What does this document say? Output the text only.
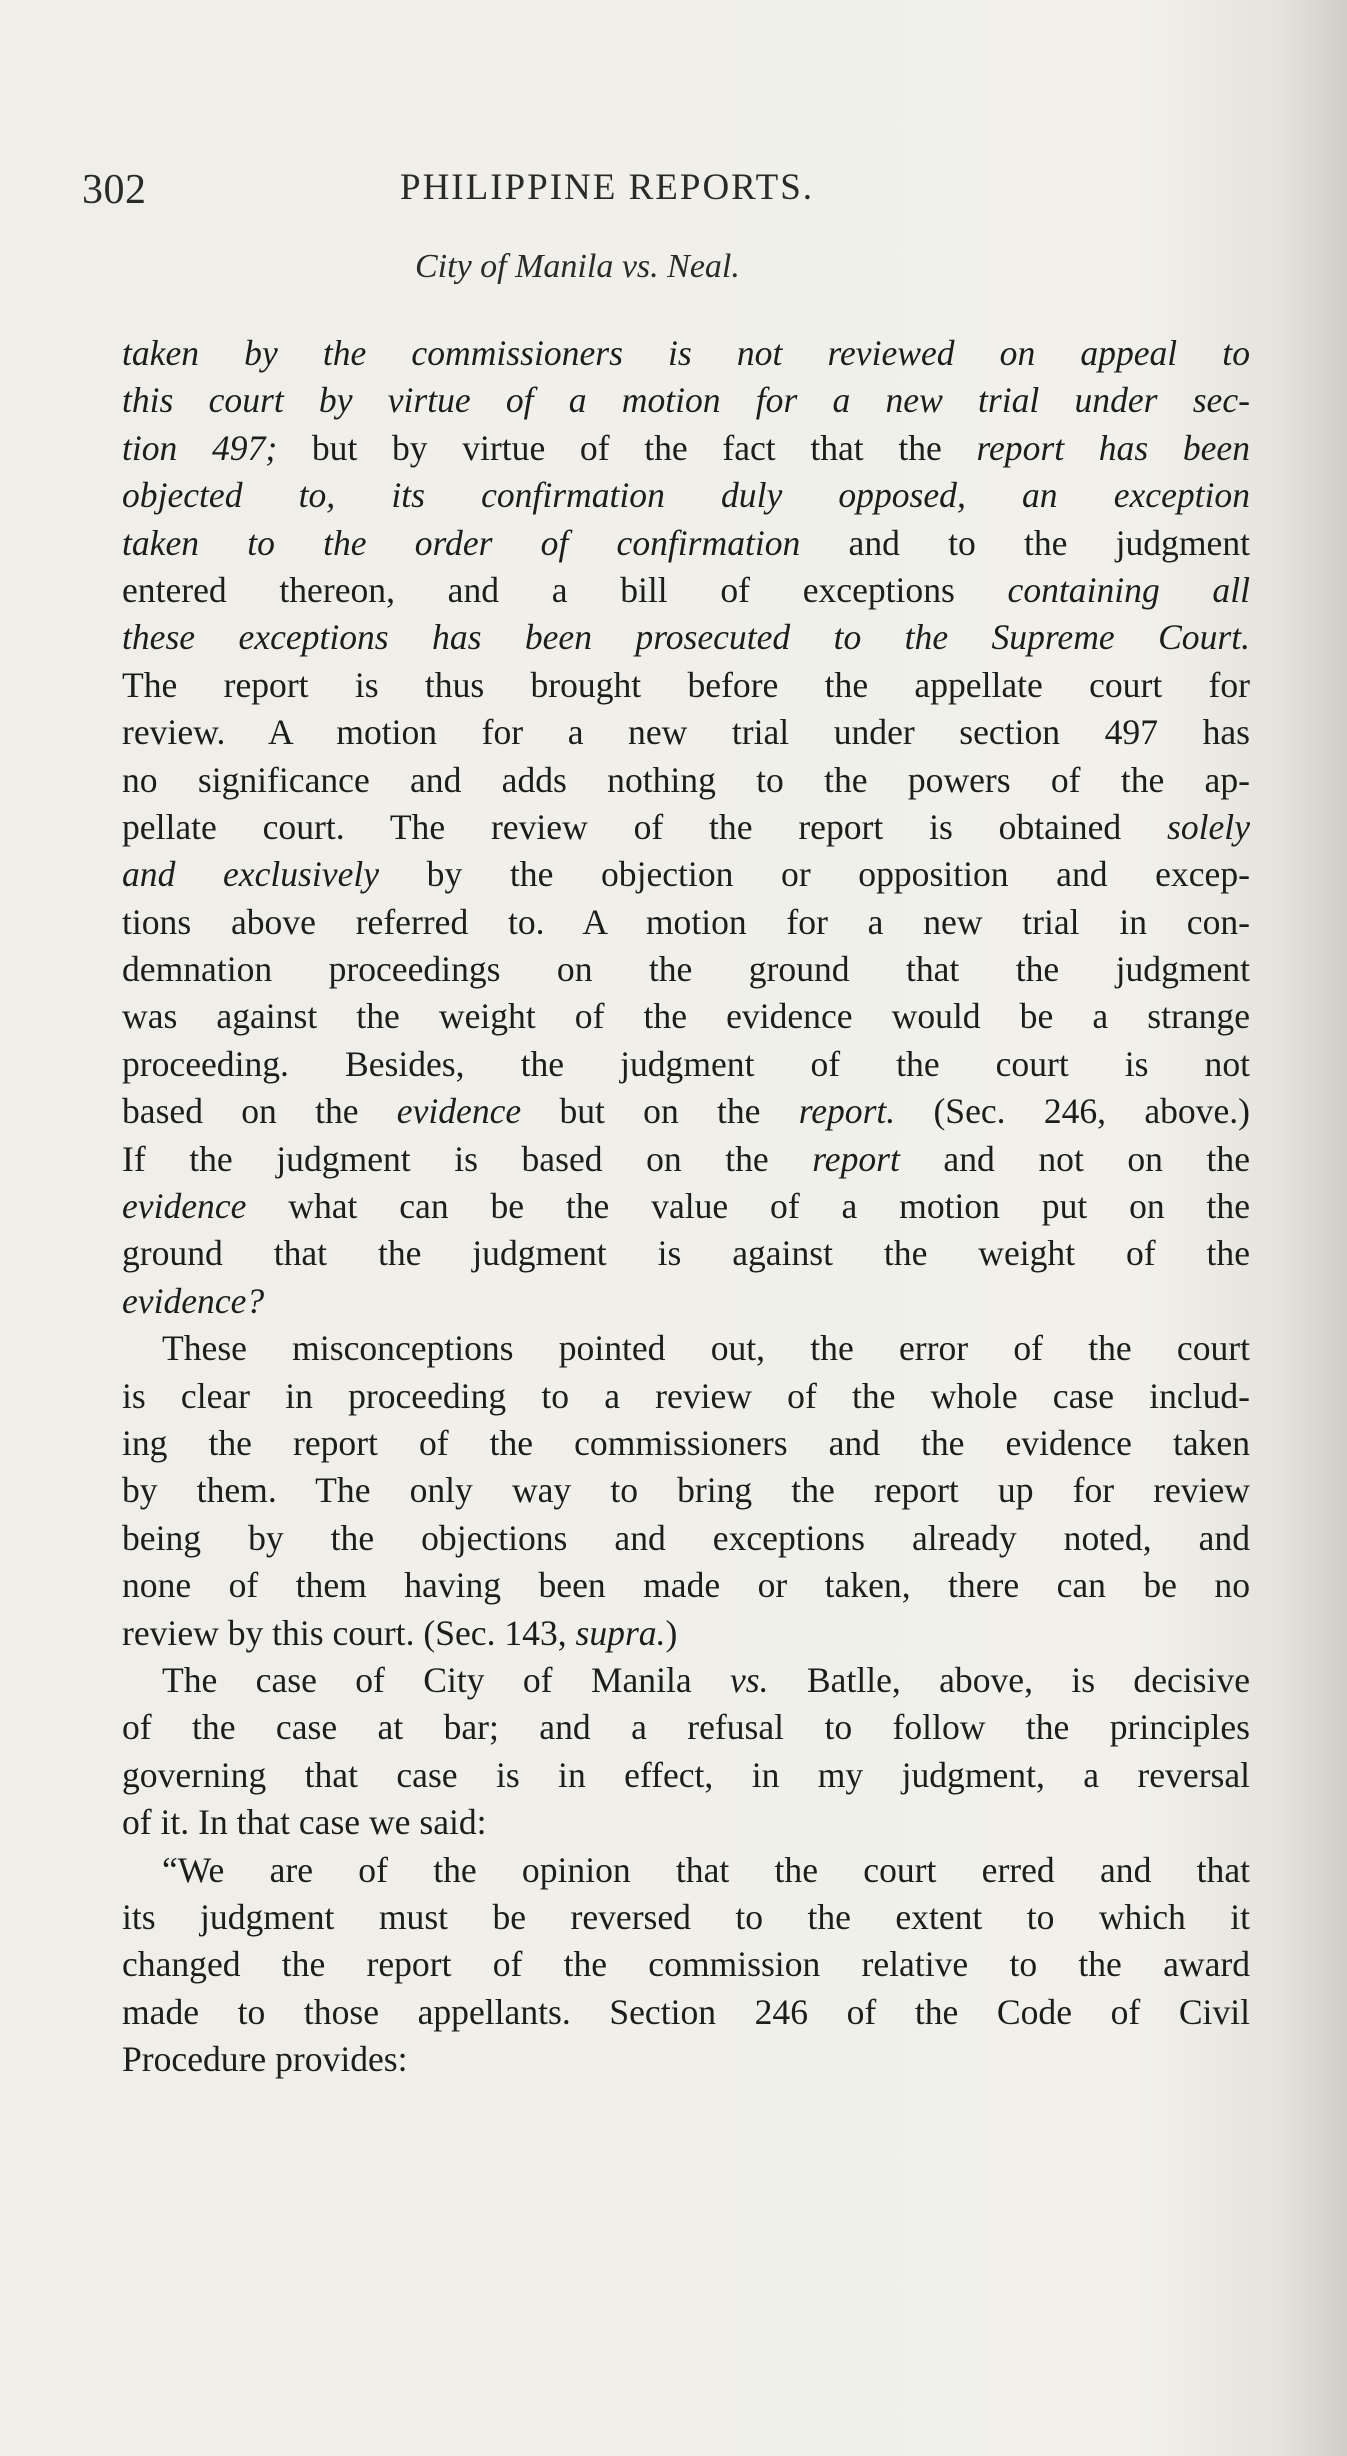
302	PHILIPPINE REPORTS.
City of Manila vs. Neal.
taken by the commissioners is not reviewed on appeal to
this court by virtue of a motion for a new trial under sec-
tion 497; but by virtue of the fact that the report has been
objected to, its confirmation duly opposed, an exception
taken to the order of confirmation and to the judgment
entered thereon, and a bill of exceptions containing all
these exceptions has been prosecuted to the Supreme Court.
The report is thus brought before the appellate court for
review. A motion for a new trial under section 497 has
no significance and adds nothing to the powers of the ap-
pellate court. The review of the report is obtained solely
and exclusively by the objection or opposition and excep-
tions above referred to. A motion for a new trial in con-
demnation proceedings on the ground that the judgment
was against the weight of the evidence would be a strange
proceeding. Besides, the judgment of the court is not
based on the evidence but on the report. (Sec. 246, above.)
If the judgment is based on the report and not on the
evidence what can be the value of a motion put on the
ground that the judgment is against the weight of the
evidence?
These misconceptions pointed out, the error of the court
is clear in proceeding to a review of the whole case includ-
ing the report of the commissioners and the evidence taken
by them. The only way to bring the report up for review
being by the objections and exceptions already noted, and
none of them having been made or taken, there can be no
review by this court. (Sec. 143, supra.)
The case of City of Manila vs. Batlle, above, is decisive
of the case at bar; and a refusal to follow the principles
governing that case is in effect, in my judgment, a reversal
of it. In that case we said:
“We are of the opinion that the court erred and that
its judgment must be reversed to the extent to which it
changed the report of the commission relative to the award
made to those appellants. Section 246 of the Code of Civil
Procedure provides:
